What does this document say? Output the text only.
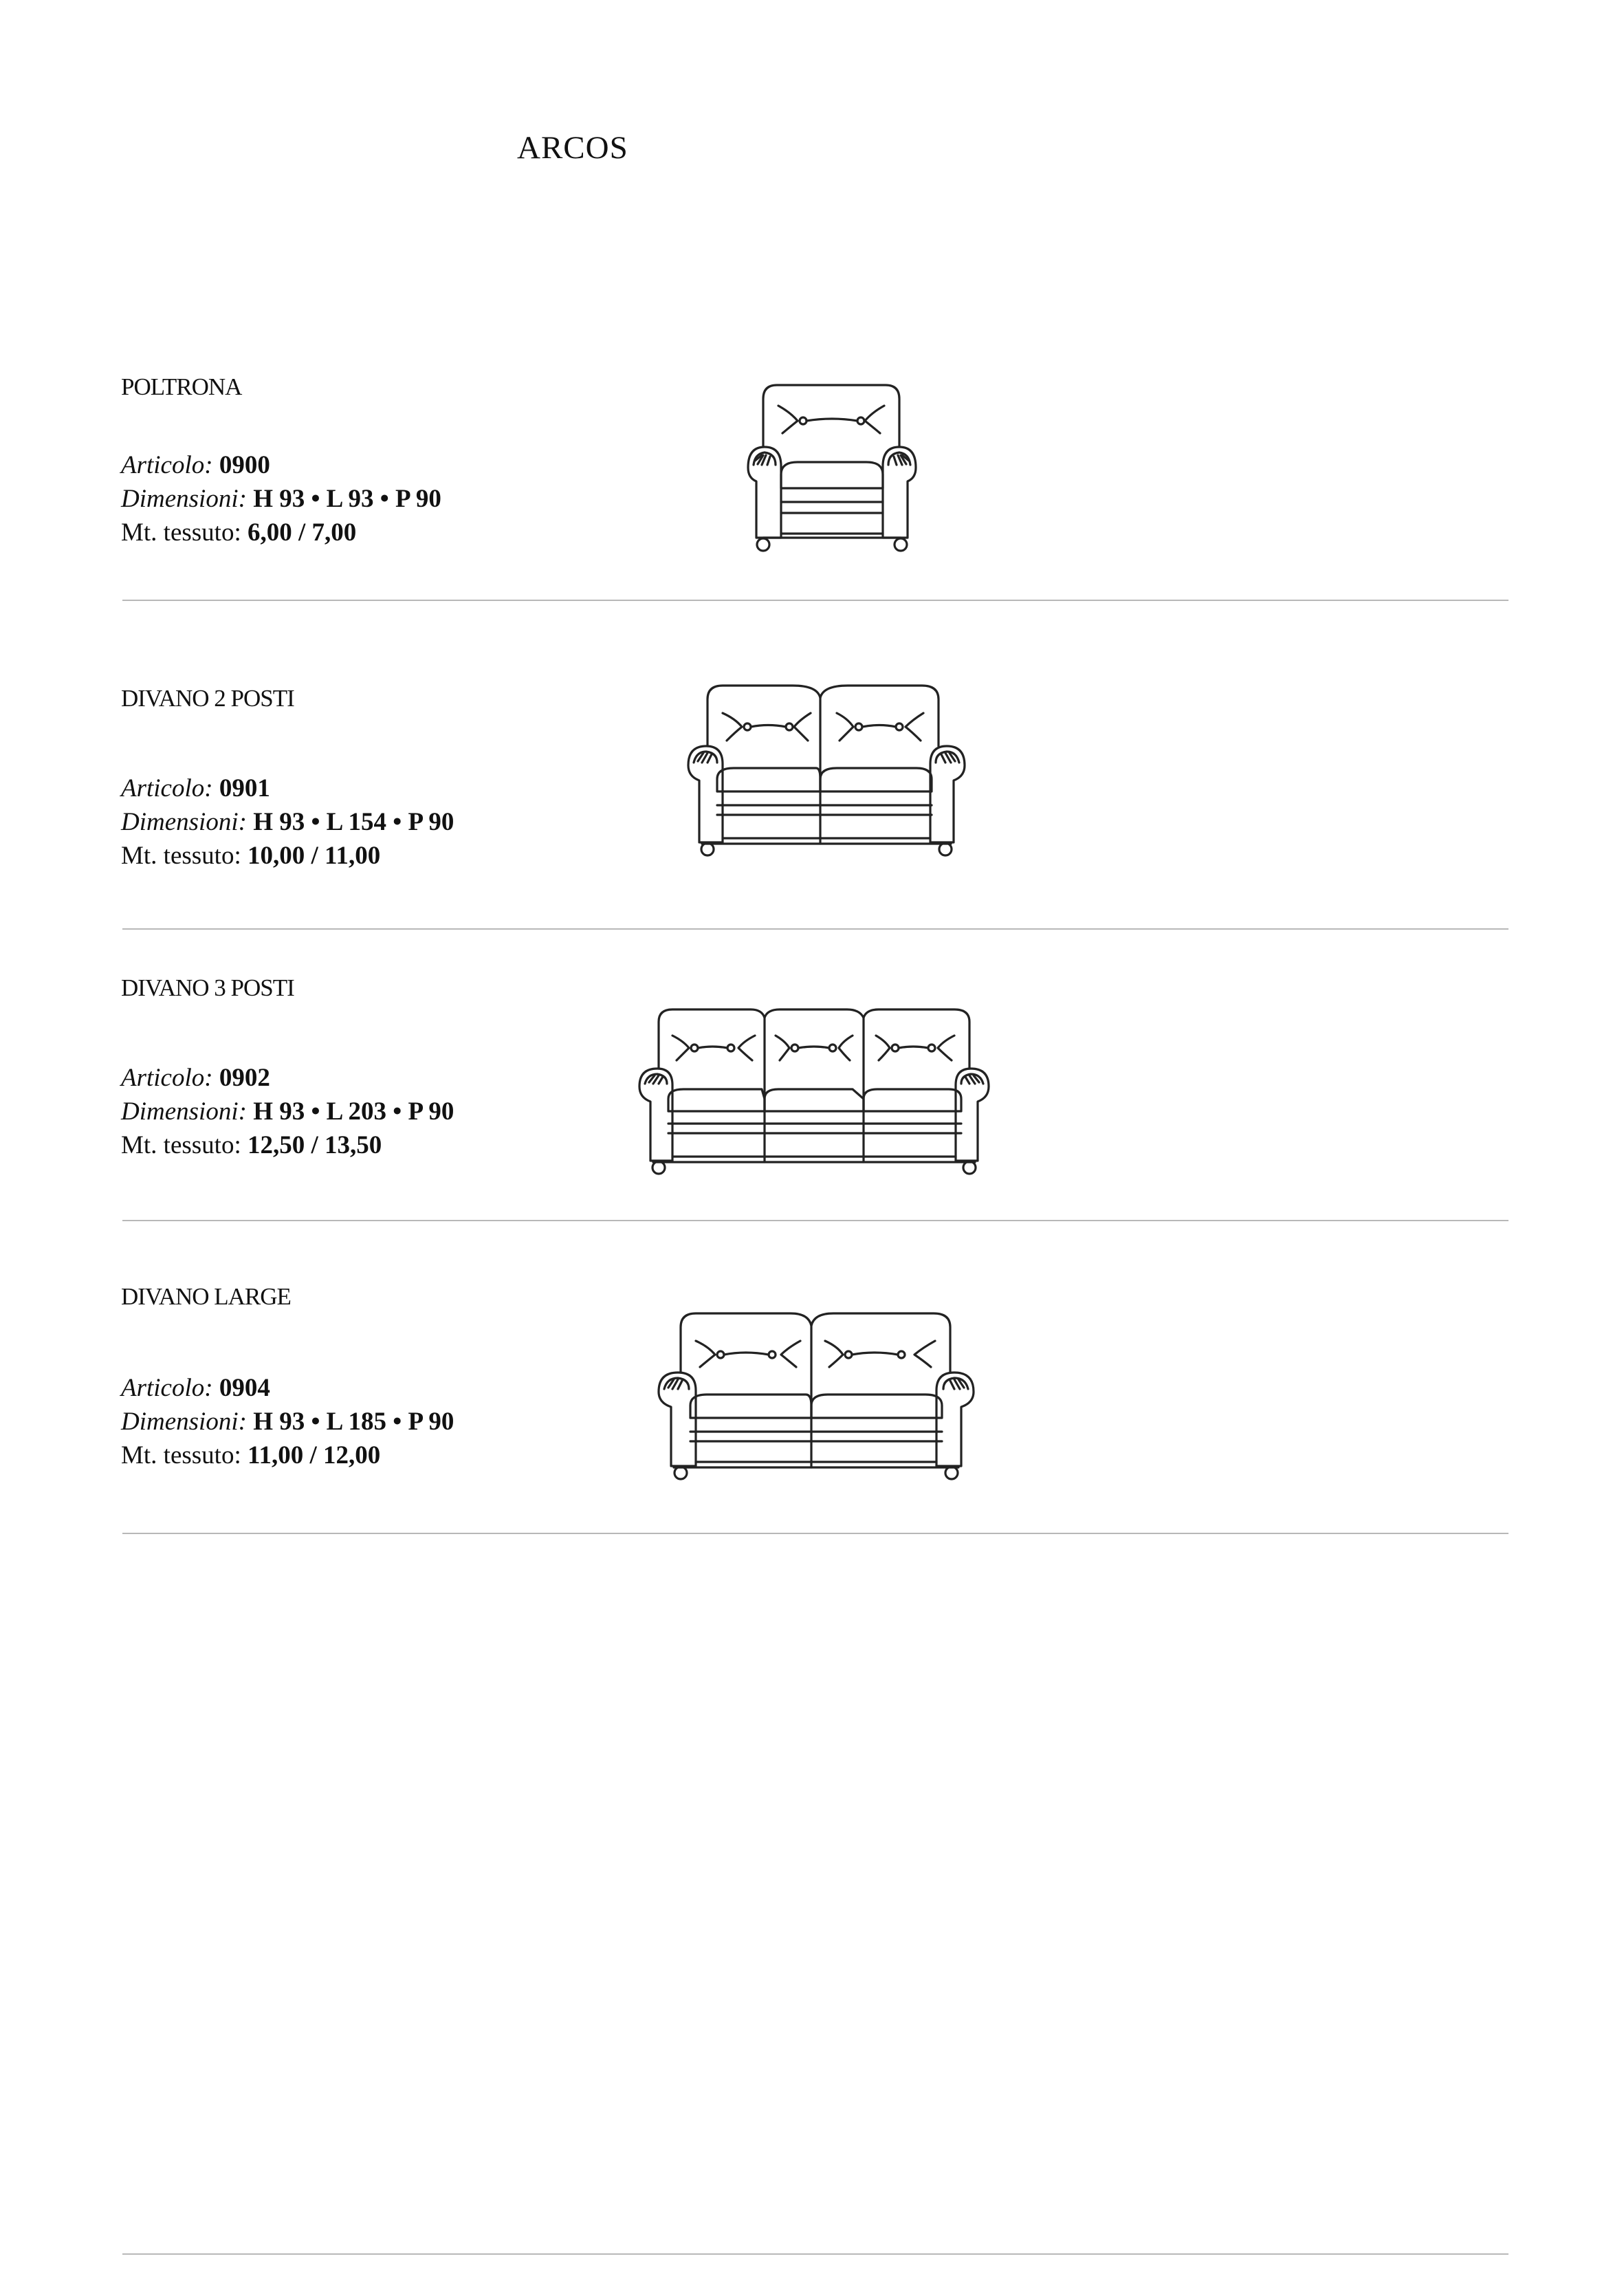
ARCOS
POLTRONA
Articolo: 0900
Dimensioni: H 93 • L 93 • P 90
Mt. tessuto: 6,00 / 7,00
DIVANO 2 POSTI
Articolo: 0901
Dimensioni: H 93 • L 154 • P 90
Mt. tessuto: 10,00 / 11,00
DIVANO 3 POSTI
Articolo: 0902
Dimensioni: H 93 • L 203 • P 90
Mt. tessuto: 12,50 / 13,50
DIVANO LARGE
Articolo: 0904
Dimensioni: H 93 • L 185 • P 90
Mt. tessuto: 11,00 / 12,00
